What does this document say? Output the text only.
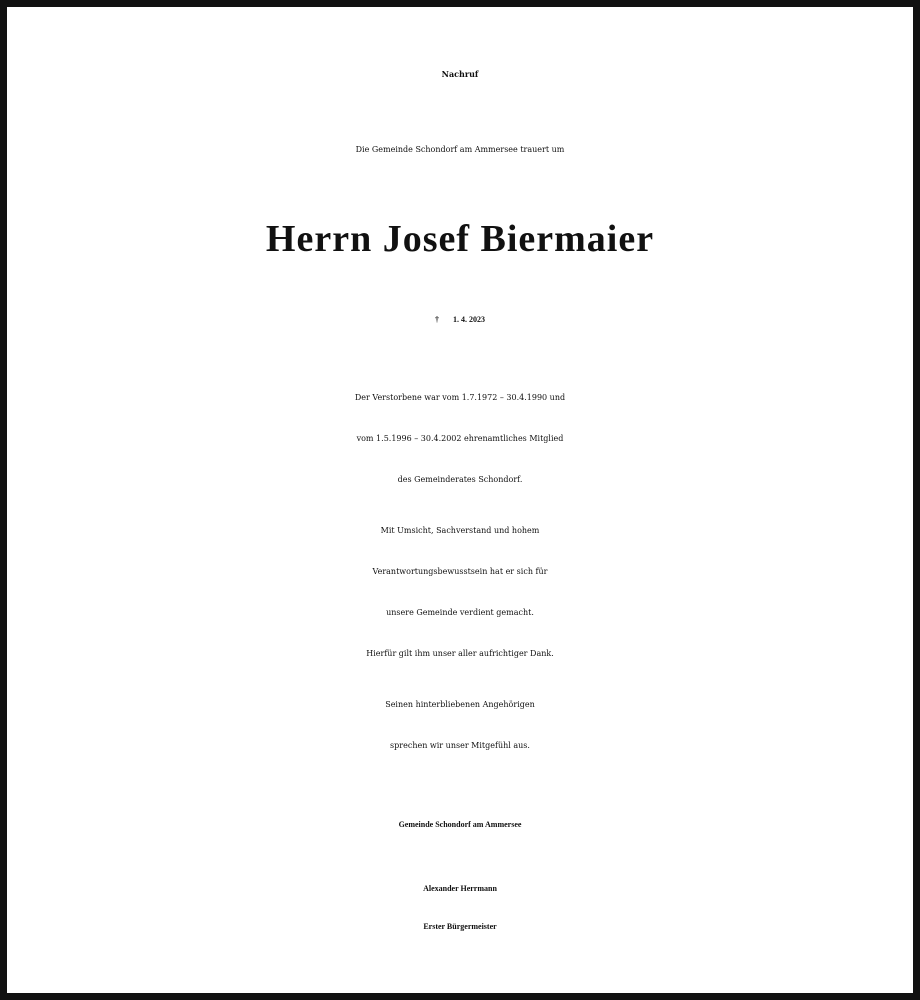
Nachruf
Die Gemeinde Schondorf am Ammersee trauert um
Herrn Josef Biermaier
† 1. 4. 2023
Der Verstorbene war vom 1.7.1972 – 30.4.1990 und
vom 1.5.1996 – 30.4.2002 ehrenamtliches Mitglied
des Gemeinderates Schondorf.
Mit Umsicht, Sachverstand und hohem
Verantwortungsbewusstsein hat er sich für
unsere Gemeinde verdient gemacht.
Hierfür gilt ihm unser aller aufrichtiger Dank.
Seinen hinterbliebenen Angehörigen
sprechen wir unser Mitgefühl aus.
Gemeinde Schondorf am Ammersee
Alexander Herrmann
Erster Bürgermeister
